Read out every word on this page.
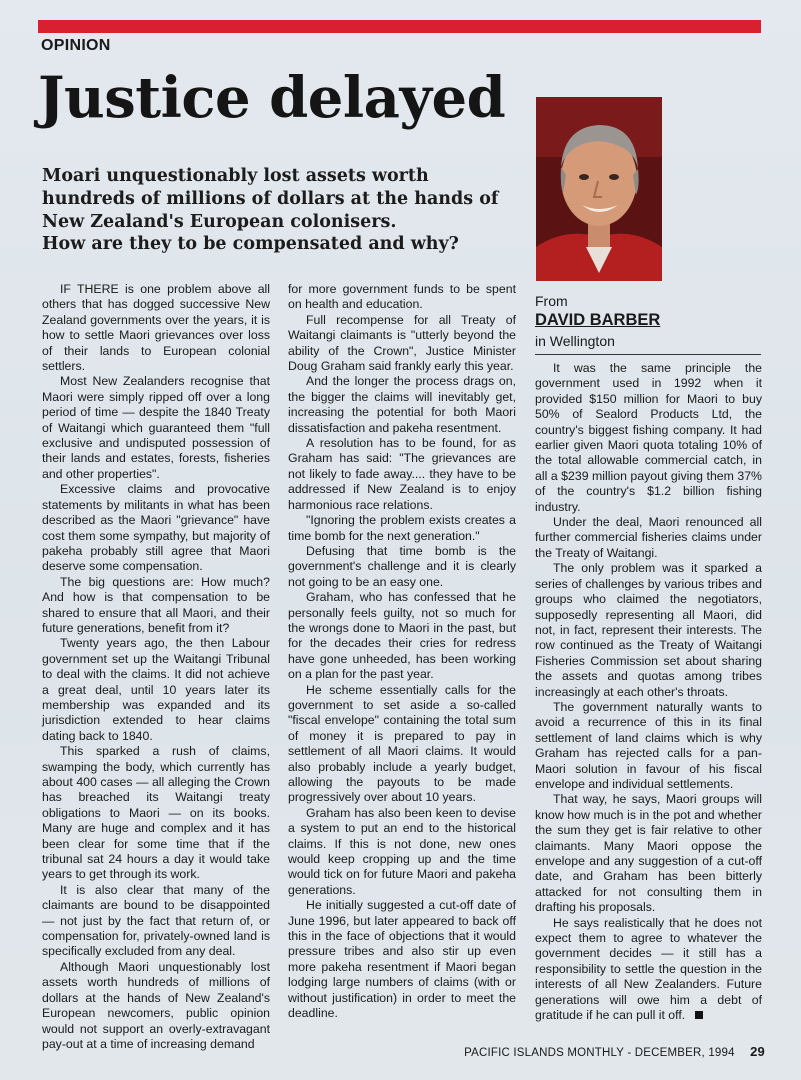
OPINION
Justice delayed
Moari unquestionably lost assets worth hundreds of millions of dollars at the hands of New Zealand's European colonisers.
How are they to be compensated and why?
From
DAVID BARBER
in Wellington

IF THERE is one problem above all others that has dogged successive New Zealand governments over the years, it is how to settle Maori grievances over loss of their lands to European colonial settlers.

Most New Zealanders recognise that Maori were simply ripped off over a long period of time — despite the 1840 Treaty of Waitangi which guaranteed them "full exclusive and undisputed possession of their lands and estates, forests, fisheries and other properties".

Excessive claims and provocative statements by militants in what has been described as the Maori "grievance" have cost them some sympathy, but majority of pakeha probably still agree that Maori deserve some compensation.

The big questions are: How much? And how is that compensation to be shared to ensure that all Maori, and their future generations, benefit from it?

Twenty years ago, the then Labour government set up the Waitangi Tribunal to deal with the claims. It did not achieve a great deal, until 10 years later its membership was expanded and its jurisdiction extended to hear claims dating back to 1840.

This sparked a rush of claims, swamping the body, which currently has about 400 cases — all alleging the Crown has breached its Waitangi treaty obligations to Maori — on its books. Many are huge and complex and it has been clear for some time that if the tribunal sat 24 hours a day it would take years to get through its work.

It is also clear that many of the claimants are bound to be disappointed — not just by the fact that return of, or compensation for, privately-owned land is specifically excluded from any deal.

Although Maori unquestionably lost assets worth hundreds of millions of dollars at the hands of New Zealand's European newcomers, public opinion would not support an overly-extravagant pay-out at a time of increasing demand

for more government funds to be spent on health and education.

Full recompense for all Treaty of Waitangi claimants is "utterly beyond the ability of the Crown", Justice Minister Doug Graham said frankly early this year.

And the longer the process drags on, the bigger the claims will inevitably get, increasing the potential for both Maori dissatisfaction and pakeha resentment.

A resolution has to be found, for as Graham has said: "The grievances are not likely to fade away.... they have to be addressed if New Zealand is to enjoy harmonious race relations.

"Ignoring the problem exists creates a time bomb for the next generation."

Defusing that time bomb is the government's challenge and it is clearly not going to be an easy one.

Graham, who has confessed that he personally feels guilty, not so much for the wrongs done to Maori in the past, but for the decades their cries for redress have gone unheeded, has been working on a plan for the past year.

He scheme essentially calls for the government to set aside a so-called "fiscal envelope" containing the total sum of money it is prepared to pay in settlement of all Maori claims. It would also probably include a yearly budget, allowing the payouts to be made progressively over about 10 years.

Graham has also been keen to devise a system to put an end to the historical claims. If this is not done, new ones would keep cropping up and the time would tick on for future Maori and pakeha generations.

He initially suggested a cut-off date of June 1996, but later appeared to back off this in the face of objections that it would pressure tribes and also stir up even more pakeha resentment if Maori began lodging large numbers of claims (with or without justification) in order to meet the deadline.

It was the same principle the government used in 1992 when it provided $150 million for Maori to buy 50% of Sealord Products Ltd, the country's biggest fishing company. It had earlier given Maori quota totaling 10% of the total allowable commercial catch, in all a $239 million payout giving them 37% of the country's $1.2 billion fishing industry.

Under the deal, Maori renounced all further commercial fisheries claims under the Treaty of Waitangi.

The only problem was it sparked a series of challenges by various tribes and groups who claimed the negotiators, supposedly representing all Maori, did not, in fact, represent their interests. The row continued as the Treaty of Waitangi Fisheries Commission set about sharing the assets and quotas among tribes increasingly at each other's throats.

The government naturally wants to avoid a recurrence of this in its final settlement of land claims which is why Graham has rejected calls for a pan-Maori solution in favour of his fiscal envelope and individual settlements.

That way, he says, Maori groups will know how much is in the pot and whether the sum they get is fair relative to other claimants. Many Maori oppose the envelope and any suggestion of a cut-off date, and Graham has been bitterly attacked for not consulting them in drafting his proposals.

He says realistically that he does not expect them to agree to whatever the government decides — it still has a responsibility to settle the question in the interests of all New Zealanders. Future generations will owe him a debt of gratitude if he can pull it off.

PACIFIC ISLANDS MONTHLY - DECEMBER, 1994 29
